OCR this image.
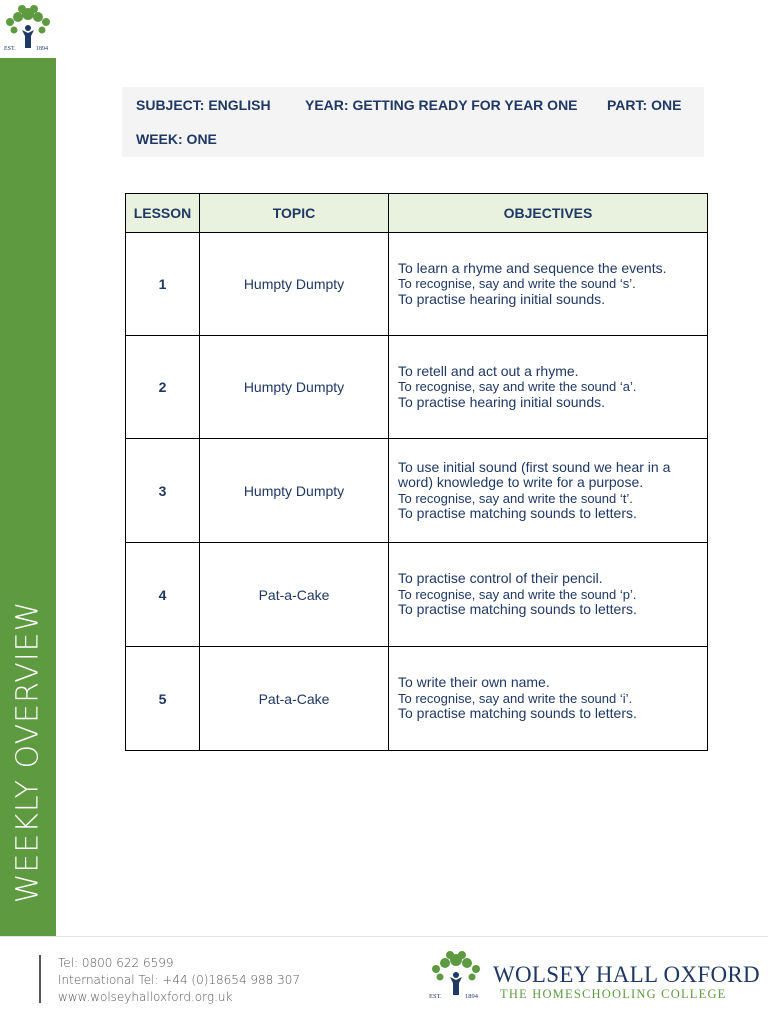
EST.	1894
WEEKLY OVERVIEW
SUBJECT: ENGLISH YEAR: GETTING READY FOR YEAR ONE PART: ONE
WEEK: ONE
LESSON	TOPIC	OBJECTIVES
1	Humpty Dumpty	To learn a rhyme and sequence the events.
To recognise, say and write the sound ‘s’.
To practise hearing initial sounds.

2	Humpty Dumpty	To retell and act out a rhyme.
To recognise, say and write the sound ‘a’.
To practise hearing initial sounds.

3	Humpty Dumpty	To use initial sound (first sound we hear in a word) knowledge to write for a purpose.
To recognise, say and write the sound ‘t’.
To practise matching sounds to letters.

4	Pat-a-Cake	To practise control of their pencil.
To recognise, say and write the sound ‘p’.
To practise matching sounds to letters.

5	Pat-a-Cake	To write their own name.
To recognise, say and write the sound ‘i’.
To practise matching sounds to letters.
Tel: 0800 622 6599
International Tel: +44 (0)18654 988 307
www.wolseyhalloxford.org.uk	EST.	1894
WOLSEY HALL OXFORD
THE HOMESCHOOLING COLLEGE
